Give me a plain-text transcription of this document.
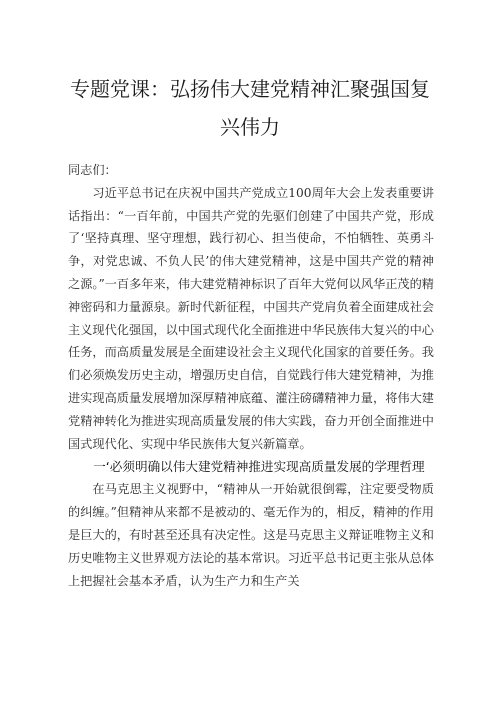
专题党课：弘扬伟大建党精神汇聚强国复
兴伟力

同志们：

习近平总书记在庆祝中国共产党成立100周年大会上发表重要讲话指出：“一百年前，中国共产党的先驱们创建了中国共产党，形成了‘坚持真理、坚守理想，践行初心、担当使命，不怕牺牲、英勇斗争，对党忠诚、不负人民’的伟大建党精神，这是中国共产党的精神之源。”一百多年来，伟大建党精神标识了百年大党何以风华正茂的精神密码和力量源泉。新时代新征程，中国共产党肩负着全面建成社会主义现代化强国，以中国式现代化全面推进中华民族伟大复兴的中心任务，而高质量发展是全面建设社会主义现代化国家的首要任务。我们必须焕发历史主动，增强历史自信，自觉践行伟大建党精神，为推进实现高质量发展增加深厚精神底蕴、灌注磅礴精神力量，将伟大建党精神转化为推进实现高质量发展的伟大实践，奋力开创全面推进中国式现代化、实现中华民族伟大复兴新篇章。

一‘必须明确以伟大建党精神推进实现高质量发展的学理哲理

在马克思主义视野中，“精神从一开始就很倒霉，注定要受物质的纠缠。”但精神从来都不是被动的、毫无作为的，相反，精神的作用是巨大的，有时甚至还具有决定性。这是马克思主义辩证唯物主义和历史唯物主义世界观方法论的基本常识。习近平总书记更主张从总体上把握社会基本矛盾，认为生产力和生产关
